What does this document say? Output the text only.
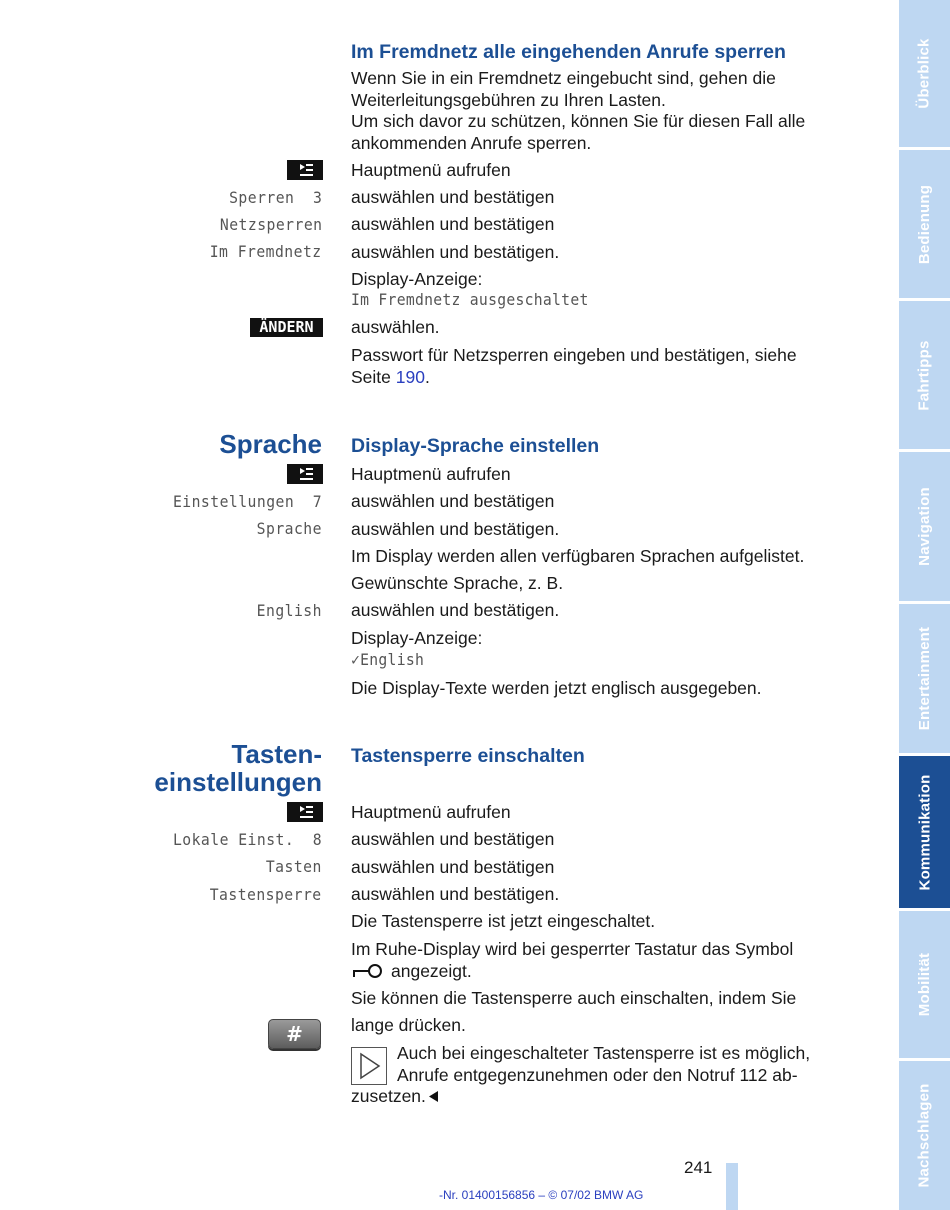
Im Fremdnetz alle eingehenden Anrufe sperren
Wenn Sie in ein Fremdnetz eingebucht sind, gehen die
Weiterleitungsgebühren zu Ihren Lasten.
Um sich davor zu schützen, können Sie für diesen Fall alle
ankommenden Anrufe sperren.
Hauptmenü aufrufen
Sperren  3 auswählen und bestätigen
Netzsperren auswählen und bestätigen
Im Fremdnetz auswählen und bestätigen.
Display-Anzeige:
Im Fremdnetz ausgeschaltet
ÄNDERN	auswählen.
Passwort für Netzsperren eingeben und bestätigen, siehe
Seite 190.
Sprache Display-Sprache einstellen
Hauptmenü aufrufen
Einstellungen  7 auswählen und bestätigen
Sprache auswählen und bestätigen.
Im Display werden allen verfügbaren Sprachen aufgelistet.
Gewünschte Sprache, z. B.
English auswählen und bestätigen.
Display-Anzeige:
✓English
Die Display-Texte werden jetzt englisch ausgegeben.
Tasten-
einstellungen
Tastensperre einschalten
Hauptmenü aufrufen
Lokale Einst.  8 auswählen und bestätigen
Tasten auswählen und bestätigen
Tastensperre auswählen und bestätigen.
Die Tastensperre ist jetzt eingeschaltet.
Im Ruhe-Display wird bei gesperrter Tastatur das Symbol
angezeigt.
Sie können die Tastensperre auch einschalten, indem Sie
#	lange drücken.
Auch bei eingeschalteter Tastensperre ist es möglich,
Anrufe entgegenzunehmen oder den Notruf 112 ab-
zusetzen.
Überblick
Bedienung
Fahrtipps
Navigation
Entertainment
Kommunikation
Mobilität
Nachschlagen
241
-Nr. 01400156856 – © 07/02 BMW AG
